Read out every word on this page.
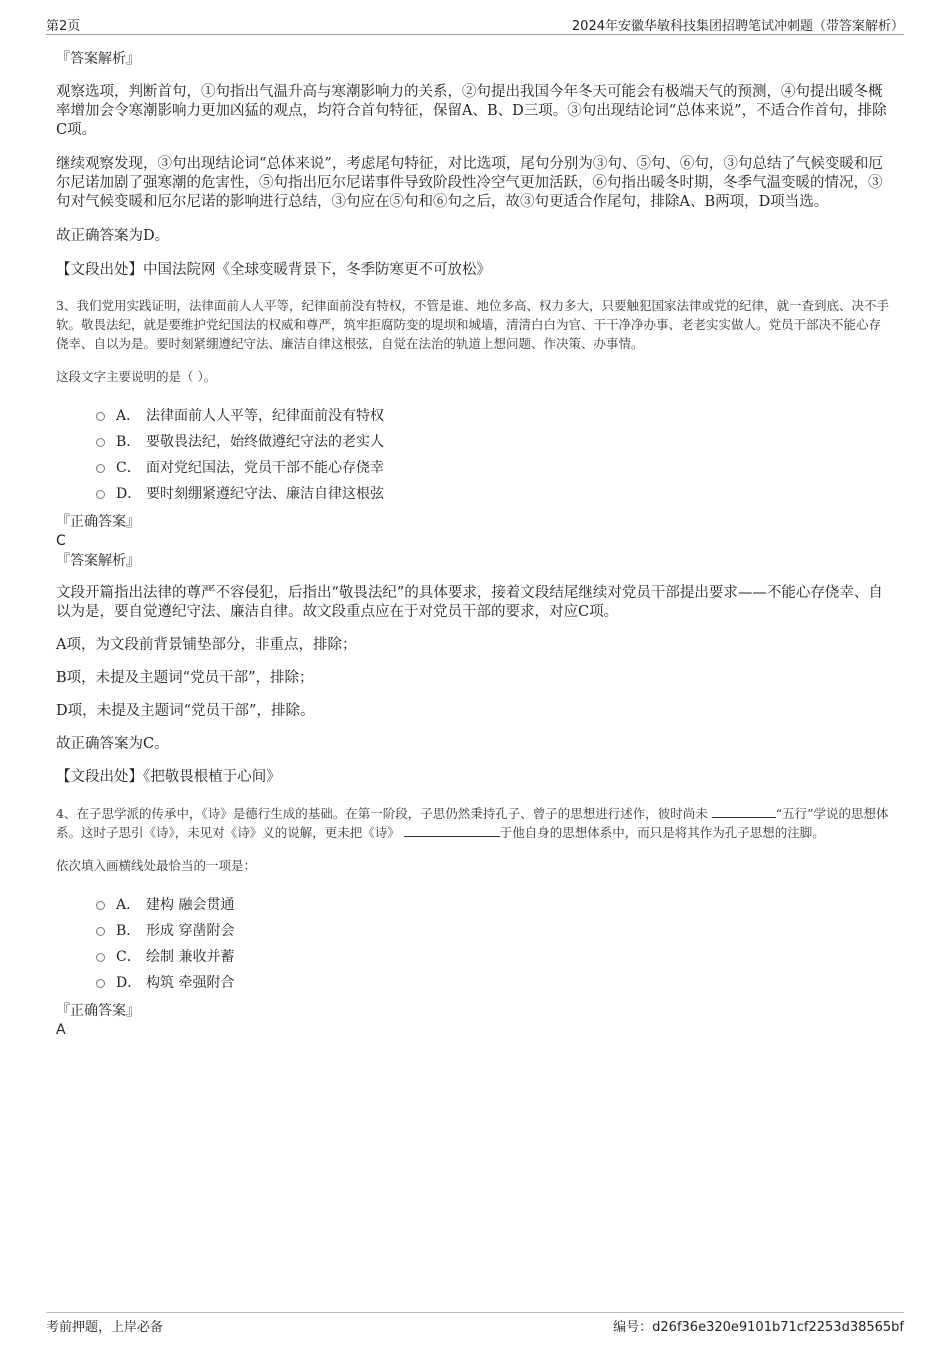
第2页	2024年安徽华敏科技集团招聘笔试冲刺题（带答案解析）

『答案解析』

观察选项，判断首句，①句指出气温升高与寒潮影响力的关系，②句提出我国今年冬天可能会有极端天气的预测，④句提出暖冬概率增加会令寒潮影响力更加凶猛的观点，均符合首句特征，保留A、B、D三项。③句出现结论词“总体来说”，不适合作首句，排除C项。

继续观察发现，③句出现结论词“总体来说”，考虑尾句特征，对比选项，尾句分别为③句、⑤句、⑥句，③句总结了气候变暖和厄尔尼诺加剧了强寒潮的危害性，⑤句指出厄尔尼诺事件导致阶段性冷空气更加活跃，⑥句指出暖冬时期，冬季气温变暖的情况，③句对气候变暖和厄尔尼诺的影响进行总结，③句应在⑤句和⑥句之后，故③句更适合作尾句，排除A、B两项，D项当选。

故正确答案为D。

【文段出处】中国法院网《全球变暖背景下，冬季防寒更不可放松》

3、我们党用实践证明，法律面前人人平等，纪律面前没有特权，不管是谁、地位多高、权力多大，只要触犯国家法律或党的纪律，就一查到底、决不手软。敬畏法纪，就是要维护党纪国法的权威和尊严，筑牢拒腐防变的堤坝和城墙，清清白白为官、干干净净办事、老老实实做人。党员干部决不能心存侥幸、自以为是。要时刻紧绷遵纪守法、廉洁自律这根弦，自觉在法治的轨道上想问题、作决策、办事情。

这段文字主要说明的是（ ）。

A． 法律面前人人平等，纪律面前没有特权
B． 要敬畏法纪，始终做遵纪守法的老实人
C． 面对党纪国法，党员干部不能心存侥幸
D． 要时刻绷紧遵纪守法、廉洁自律这根弦

『正确答案』

C

『答案解析』

文段开篇指出法律的尊严不容侵犯，后指出“敬畏法纪”的具体要求，接着文段结尾继续对党员干部提出要求——不能心存侥幸、自以为是，要自觉遵纪守法、廉洁自律。故文段重点应在于对党员干部的要求，对应C项。

A项，为文段前背景铺垫部分，非重点，排除；

B项，未提及主题词“党员干部”，排除；

D项，未提及主题词“党员干部”，排除。

故正确答案为C。

【文段出处】《把敬畏根植于心间》

4、在子思学派的传承中，《诗》是德行生成的基础。在第一阶段，子思仍然秉持孔子、曾子的思想进行述作，彼时尚未	“五行”学说的思想体系。这时子思引《诗》，未见对《诗》义的说解，更未把《诗》	于他自身的思想体系中，而只是将其作为孔子思想的注脚。

依次填入画横线处最恰当的一项是：

A． 建构 融会贯通
B． 形成 穿凿附会
C． 绘制 兼收并蓄
D． 构筑 牵强附合

『正确答案』

A

考前押题，上岸必备	编号：d26f36e320e9101b71cf2253d38565bf
